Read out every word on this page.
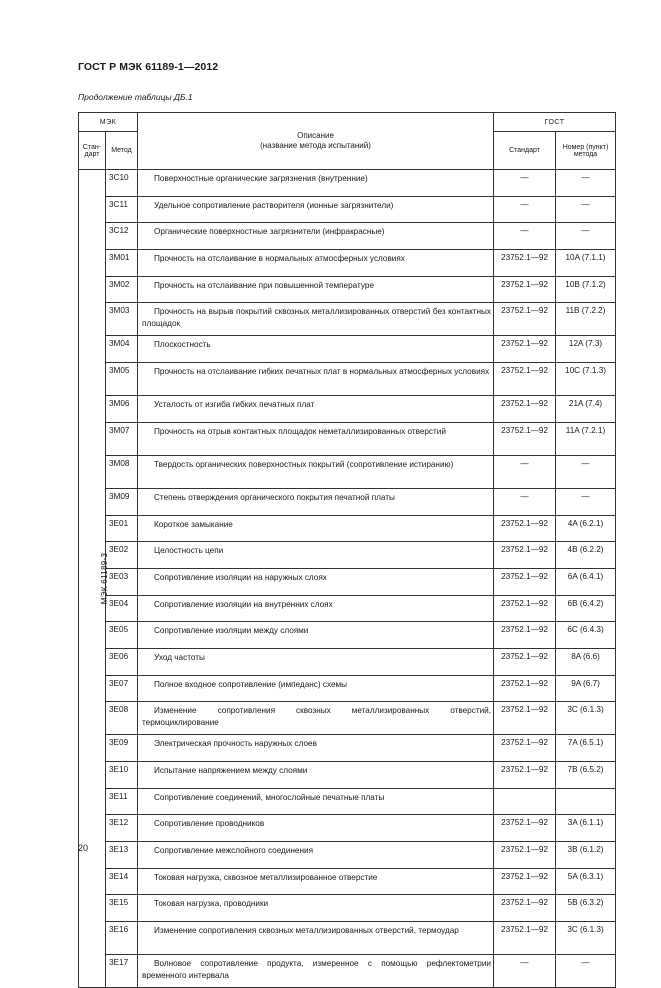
ГОСТ Р МЭК 61189-1—2012
Продолжение таблицы ДБ.1
МЭК		Описание
(название метода испытаний)	ГОСТ	
Стан-дарт	Метод		Стандарт	Номер (пункт) метода
МЭК 61189-3	3C10	Поверхностные органические загрязнения (внутренние)	—	—
	3C11	Удельное сопротивление растворителя (ионные загрязнители)	—	—
	3C12	Органические поверхностные загрязнители (инфракрасные)	—	—
	3M01	Прочность на отслаивание в нормальных атмосферных условиях	23752.1—92	10A (7.1.1)
	3M02	Прочность на отслаивание при повышенной температуре	23752.1—92	10B (7.1.2)
	3M03	Прочность на вырыв покрытий сквозных металлизированных отверстий без контактных площадок	23752.1—92	11B (7.2.2)
	3M04	Плоскостность	23752.1—92	12A (7.3)
	3M05	Прочность на отслаивание гибких печатных плат в нормальных атмосферных условиях	23752.1—92	10C (7.1.3)
	3M06	Усталость от изгиба гибких печатных плат	23752.1—92	21A (7.4)
	3M07	Прочность на отрыв контактных площадок неметаллизированных отверстий	23752.1—92	11A (7.2.1)
	3M08	Твердость органических поверхностных покрытий (сопротивление истиранию)	—	—
	3M09	Степень отверждения органического покрытия печатной платы	—	—
	3E01	Короткое замыкание	23752.1—92	4A (6.2.1)
	3E02	Целостность цепи	23752.1—92	4B (6.2.2)
	3E03	Сопротивление изоляции на наружных слоях	23752.1—92	6A (6.4.1)
	3E04	Сопротивление изоляции на внутренних слоях	23752.1—92	6B (6.4.2)
	3E05	Сопротивление изоляции между слоями	23752.1—92	6C (6.4.3)
	3E06	Уход частоты	23752.1—92	8A (6.6)
	3E07	Полное входное сопротивление (импеданс) схемы	23752.1—92	9A (6.7)
	3E08	Изменение сопротивления сквозных металлизированных отверстий, термоциклирование	23752.1—92	3C (6.1.3)
	3E09	Электрическая прочность наружных слоев	23752.1—92	7A (6.5.1)
	3E10	Испытание напряжением между слоями	23752.1—92	7B (6.5.2)
	3E11	Сопротивление соединений, многослойные печатные платы		
	3E12	Сопротивление проводников	23752.1—92	3A (6.1.1)
	3E13	Сопротивление межслойного соединения	23752.1—92	3B (6.1.2)
	3E14	Токовая нагрузка, сквозное металлизированное отверстие	23752.1—92	5A (6.3.1)
	3E15	Токовая нагрузка, проводники	23752.1—92	5B (6.3.2)
	3E16	Изменение сопротивления сквозных металлизированных отверстий, термоудар	23752.1—92	3C (6.1.3)
	3E17	Волновое сопротивление продукта, измеренное с помощью рефлектометрии временного интервала	—	—
20
